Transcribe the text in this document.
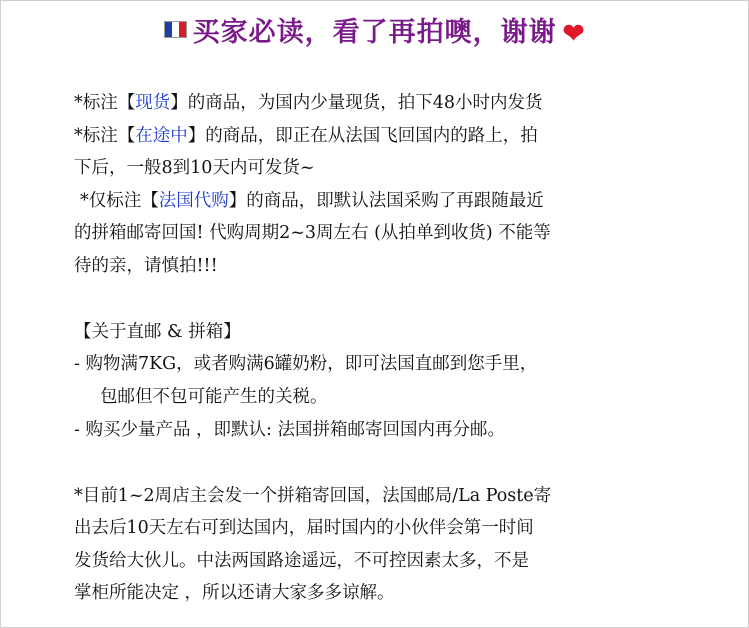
买家必读，看了再拍噢，谢谢 ❤
*标注【现货】的商品，为国内少量现货，拍下48小时内发货
*标注【在途中】的商品，即正在从法国飞回国内的路上，拍
下后，一般8到10天内可发货~
*仅标注【法国代购】的商品，即默认法国采购了再跟随最近
的拼箱邮寄回国! 代购周期2~3周左右 (从拍单到收货) 不能等
待的亲，请慎拍!!!
【关于直邮 & 拼箱】
- 购物满7KG，或者购满6罐奶粉，即可法国直邮到您手里，
包邮但不包可能产生的关税。
- 购买少量产品 ，即默认: 法国拼箱邮寄回国内再分邮。
*目前1~2周店主会发一个拼箱寄回国，法国邮局/La Poste寄
出去后10天左右可到达国内，届时国内的小伙伴会第一时间
发货给大伙儿。中法两国路途遥远，不可控因素太多，不是
掌柜所能决定 ，所以还请大家多多谅解。
